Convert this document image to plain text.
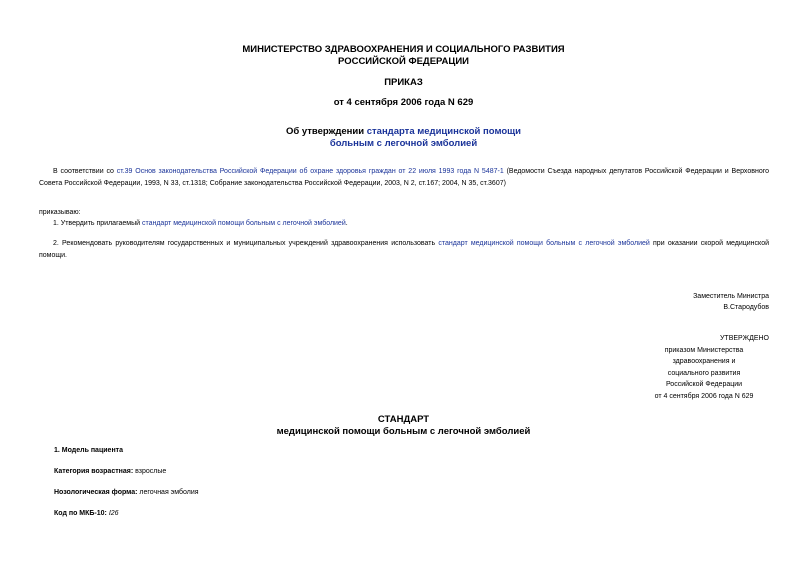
МИНИСТЕРСТВО ЗДРАВООХРАНЕНИЯ И СОЦИАЛЬНОГО РАЗВИТИЯ
РОССИЙСКОЙ ФЕДЕРАЦИИ
ПРИКАЗ
от 4 сентября 2006 года N 629
Об утверждении стандарта медицинской помощи
больным с легочной эмболией
В соответствии со ст.39 Основ законодательства Российской Федерации об охране здоровья граждан от 22 июля 1993 года N 5487-1 (Ведомости Съезда народных депутатов Российской Федерации и Верховного Совета Российской Федерации, 1993, N 33, ст.1318; Собрание законодательства Российской Федерации, 2003, N 2, ст.167; 2004, N 35, ст.3607)
приказываю:
1. Утвердить прилагаемый стандарт медицинской помощи больным с легочной эмболией.
2. Рекомендовать руководителям государственных и муниципальных учреждений здравоохранения использовать стандарт медицинской помощи больным с легочной эмболией при оказании скорой медицинской помощи.
Заместитель Министра
В.Стародубов
УТВЕРЖДЕНО
приказом Министерства
здравоохранения и
социального развития
Российской Федерации
от 4 сентября 2006 года N 629
СТАНДАРТ
медицинской помощи больным с легочной эмболией
1. Модель пациента
Категория возрастная: взрослые
Нозологическая форма: легочная эмболия
Код по МКБ-10: I26
